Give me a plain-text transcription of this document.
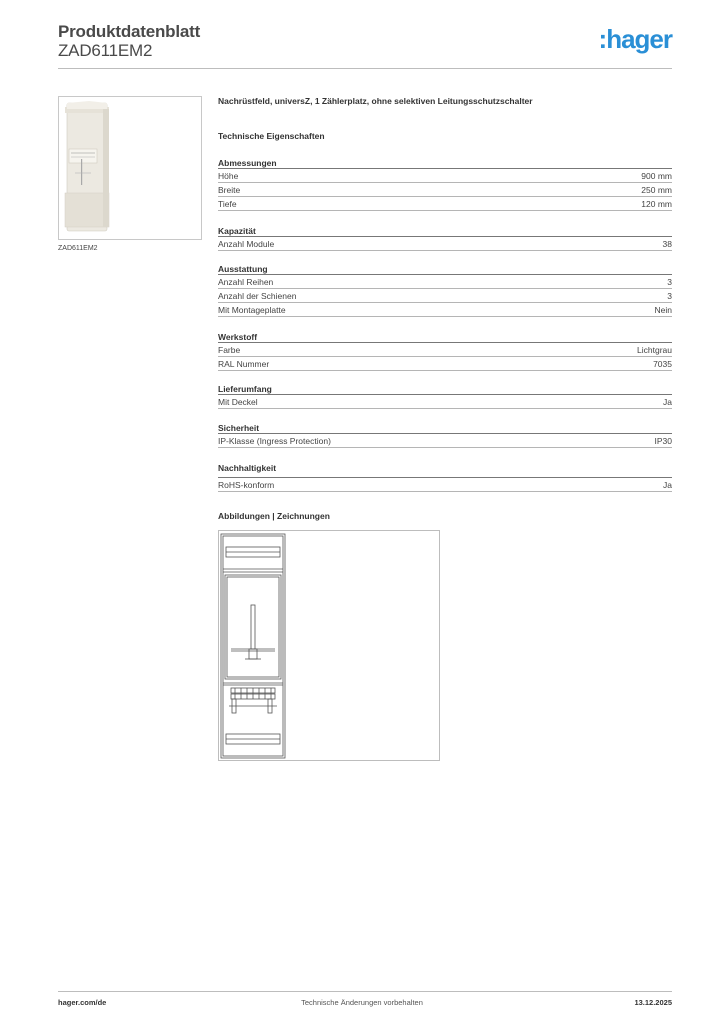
Produktdatenblatt
ZAD611EM2	:hager
ZAD611EM2
Nachrüstfeld, universZ, 1 Zählerplatz, ohne selektiven Leitungsschutzschalter
Technische Eigenschaften
Abmessungen
Höhe	900 mm
Breite	250 mm
Tiefe	120 mm
Kapazität
Anzahl Module	38
Ausstattung
Anzahl Reihen	3
Anzahl der Schienen	3
Mit Montageplatte	Nein
Werkstoff
Farbe	Lichtgrau
RAL Nummer	7035
Lieferumfang
Mit Deckel	Ja
Sicherheit
IP-Klasse (Ingress Protection)	IP30
Nachhaltigkeit
RoHS-konform	Ja
Abbildungen | Zeichnungen
hager.com/de	Technische Änderungen vorbehalten	13.12.2025
